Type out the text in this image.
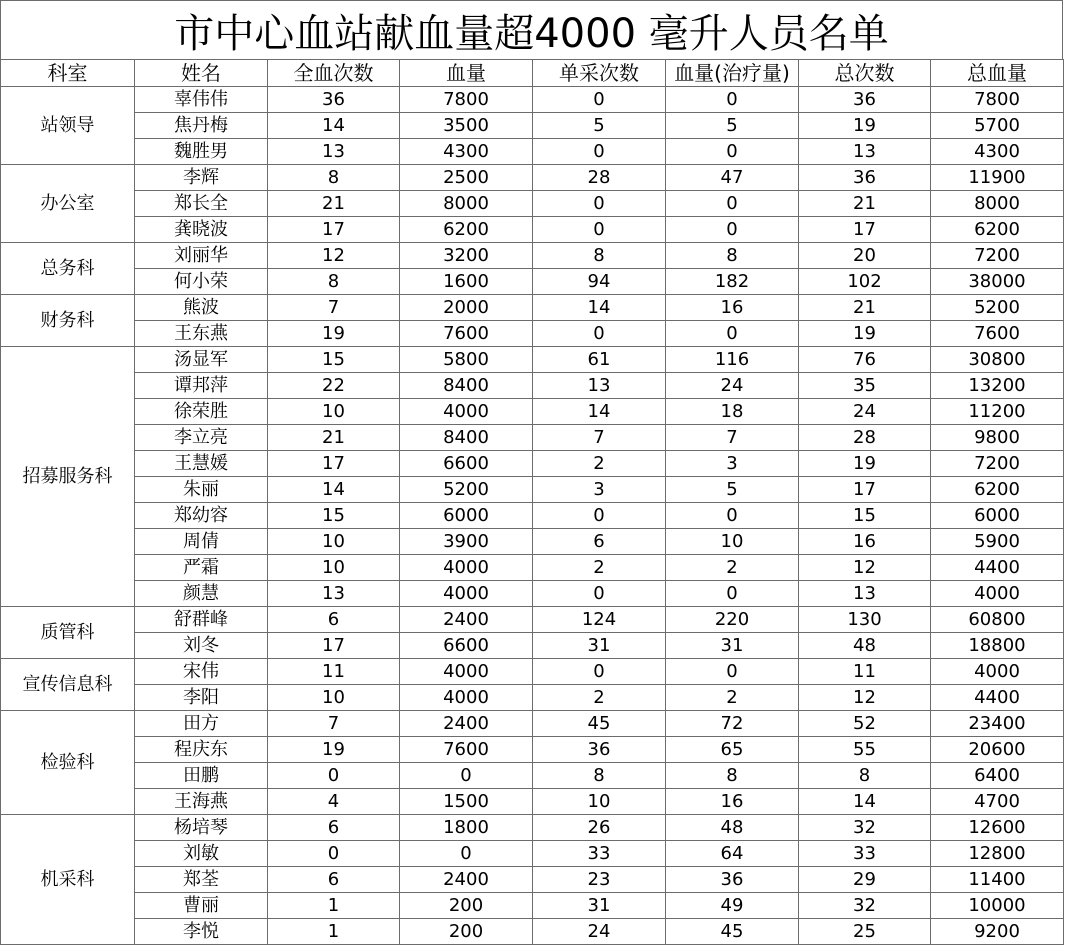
市中心血站献血量超4000 毫升人员名单
科室	姓名	全血次数	血量	单采次数	血量(治疗量)	总次数	总血量
站领导	辜伟伟	36	7800	0	0	36	7800
	焦丹梅	14	3500	5	5	19	5700
	魏胜男	13	4300	0	0	13	4300
办公室	李辉	8	2500	28	47	36	11900
	郑长全	21	8000	0	0	21	8000
	龚晓波	17	6200	0	0	17	6200
总务科	刘丽华	12	3200	8	8	20	7200
	何小荣	8	1600	94	182	102	38000
财务科	熊波	7	2000	14	16	21	5200
	王东燕	19	7600	0	0	19	7600
招募服务科	汤显军	15	5800	61	116	76	30800
	谭邦萍	22	8400	13	24	35	13200
	徐荣胜	10	4000	14	18	24	11200
	李立亮	21	8400	7	7	28	9800
	王慧媛	17	6600	2	3	19	7200
	朱丽	14	5200	3	5	17	6200
	郑幼容	15	6000	0	0	15	6000
	周倩	10	3900	6	10	16	5900
	严霜	10	4000	2	2	12	4400
	颜慧	13	4000	0	0	13	4000
质管科	舒群峰	6	2400	124	220	130	60800
	刘冬	17	6600	31	31	48	18800
宣传信息科	宋伟	11	4000	0	0	11	4000
	李阳	10	4000	2	2	12	4400
检验科	田方	7	2400	45	72	52	23400
	程庆东	19	7600	36	65	55	20600
	田鹏	0	0	8	8	8	6400
	王海燕	4	1500	10	16	14	4700
机采科	杨培琴	6	1800	26	48	32	12600
	刘敏	0	0	33	64	33	12800
	郑荃	6	2400	23	36	29	11400
	曹丽	1	200	31	49	32	10000
	李悦	1	200	24	45	25	9200
